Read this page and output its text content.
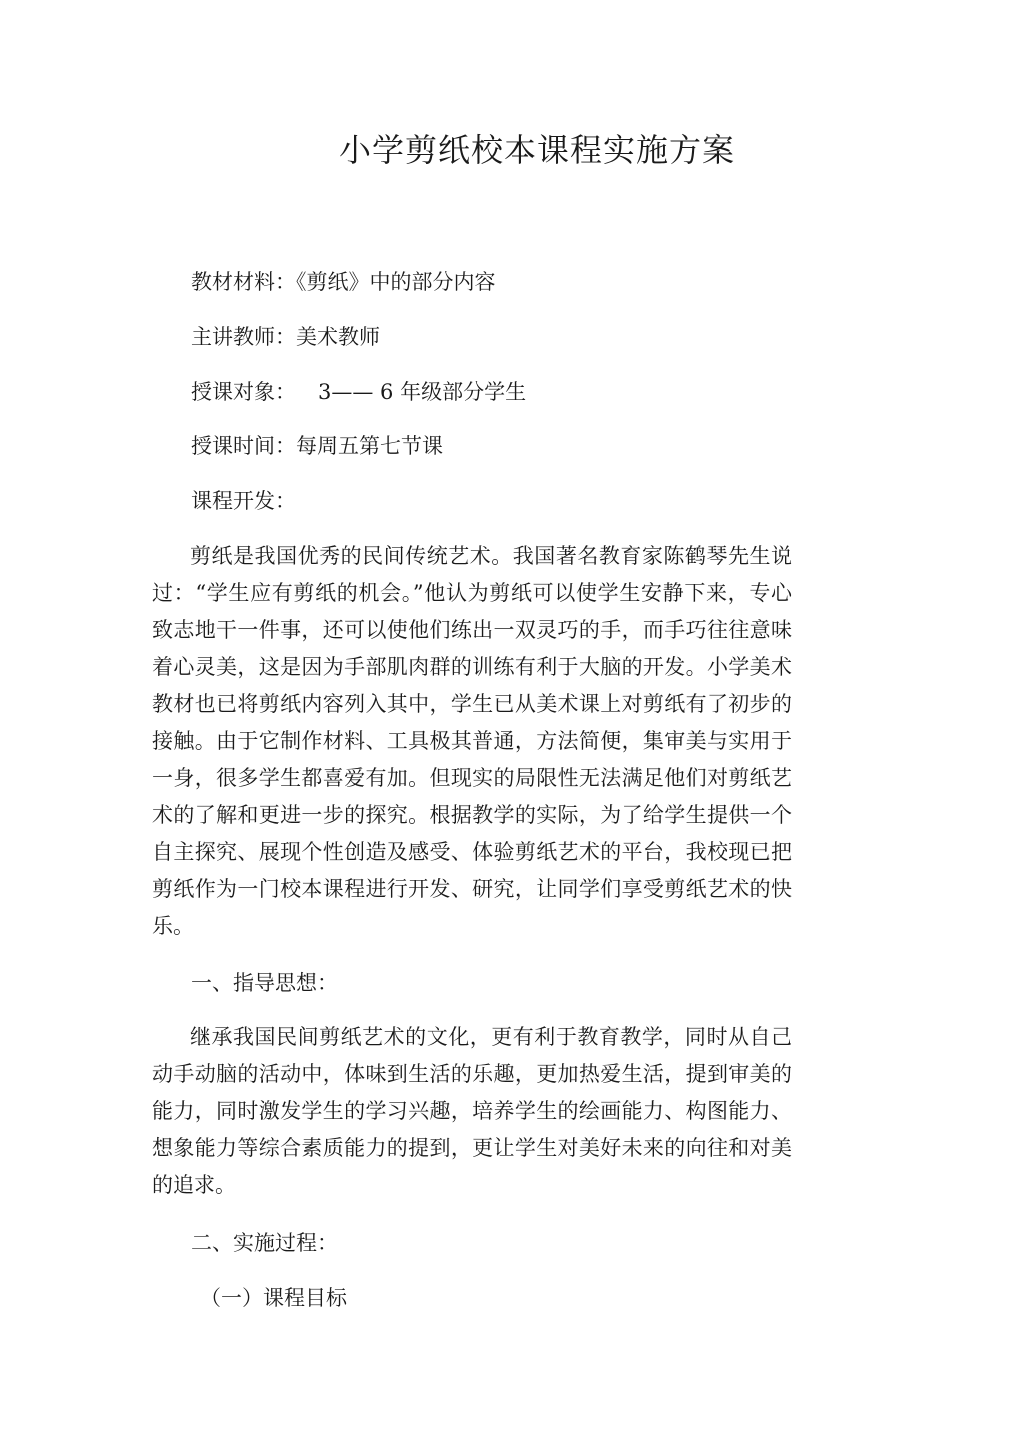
小学剪纸校本课程实施方案

教材材料：《剪纸》中的部分内容

主讲教师：美术教师

授课对象： 3—— 6 年级部分学生

授课时间：每周五第七节课

课程开发：

剪纸是我国优秀的民间传统艺术。我国著名教育家陈鹤琴先生说过：“学生应有剪纸的机会。”他认为剪纸可以使学生安静下来，专心致志地干一件事，还可以使他们练出一双灵巧的手，而手巧往往意味着心灵美，这是因为手部肌肉群的训练有利于大脑的开发。小学美术教材也已将剪纸内容列入其中，学生已从美术课上对剪纸有了初步的接触。由于它制作材料、工具极其普通，方法简便，集审美与实用于一身，很多学生都喜爱有加。但现实的局限性无法满足他们对剪纸艺术的了解和更进一步的探究。根据教学的实际，为了给学生提供一个自主探究、展现个性创造及感受、体验剪纸艺术的平台，我校现已把剪纸作为一门校本课程进行开发、研究，让同学们享受剪纸艺术的快乐。

一、指导思想：

继承我国民间剪纸艺术的文化，更有利于教育教学，同时从自己动手动脑的活动中，体味到生活的乐趣，更加热爱生活，提到审美的能力，同时激发学生的学习兴趣，培养学生的绘画能力、构图能力、想象能力等综合素质能力的提到，更让学生对美好未来的向往和对美的追求。

二、实施过程：
（一）课程目标
